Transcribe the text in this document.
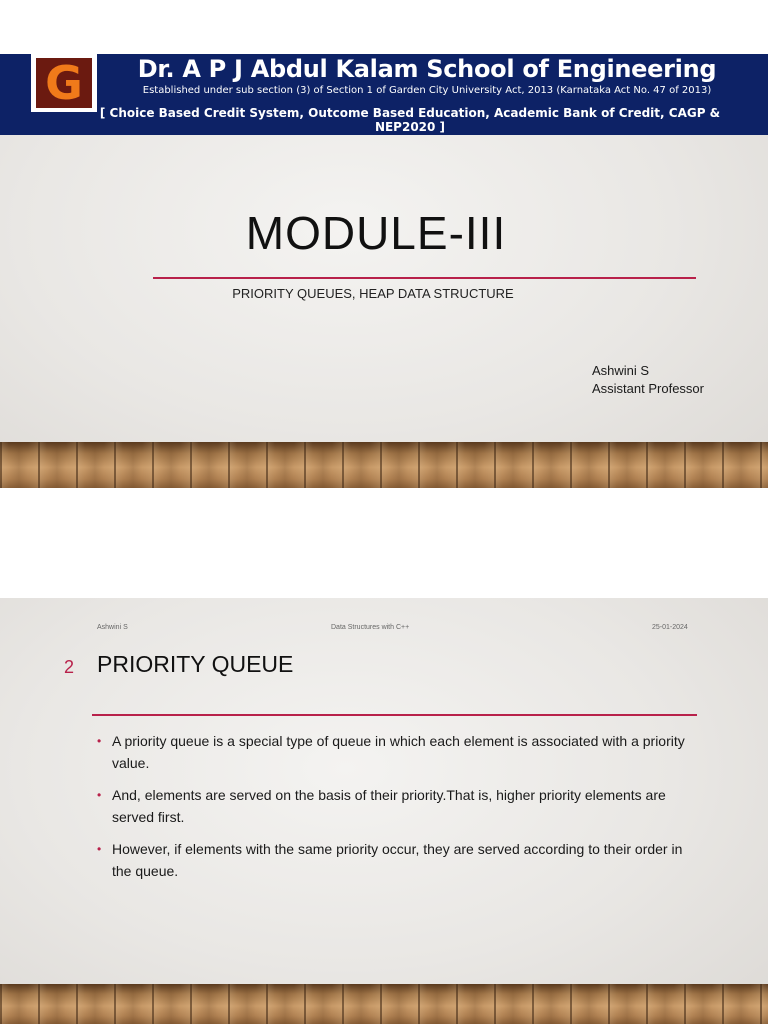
G	Dr. A P J Abdul Kalam School of Engineering
Established under sub section (3) of Section 1 of Garden City University Act, 2013 (Karnataka Act No. 47 of 2013)
[ Choice Based Credit System, Outcome Based Education, Academic Bank of Credit, CAGP & NEP2020 ]
MODULE-III
PRIORITY QUEUES, HEAP DATA STRUCTURE
Ashwini S
Assistant Professor
Ashwini S	Data Structures with C++	25-01-2024
2 PRIORITY QUEUE
• A priority queue is a special type of queue in which each element is associated with a priority value.
• And, elements are served on the basis of their priority.That is, higher priority elements are served first.
• However, if elements with the same priority occur, they are served according to their order in the queue.
